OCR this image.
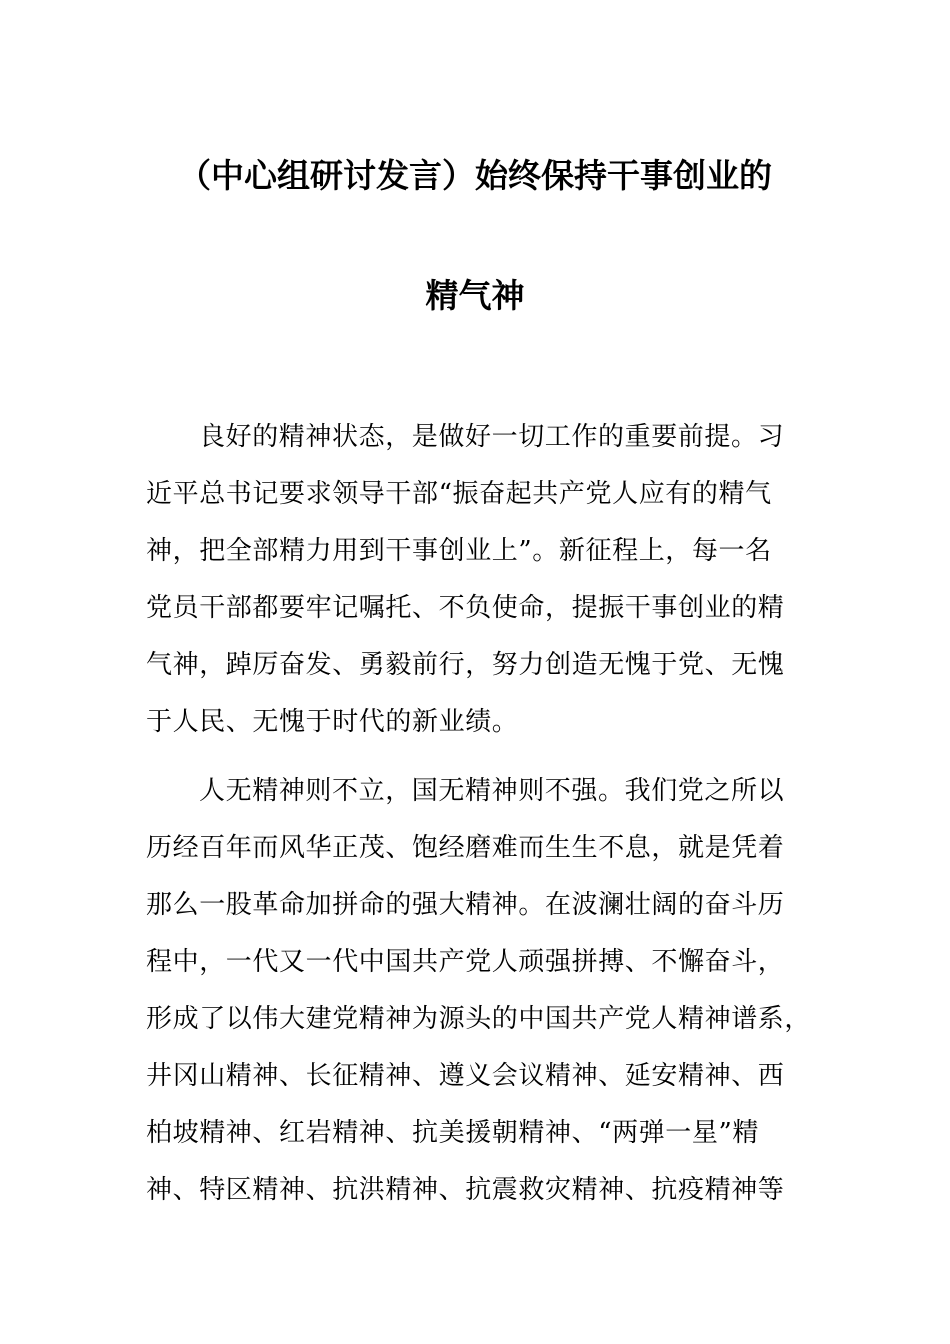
（中心组研讨发言）始终保持干事创业的
精气神
良好的精神状态，是做好一切工作的重要前提。习
近平总书记要求领导干部“振奋起共产党人应有的精气
神，把全部精力用到干事创业上”。新征程上，每一名
党员干部都要牢记嘱托、不负使命，提振干事创业的精
气神，踔厉奋发、勇毅前行，努力创造无愧于党、无愧
于人民、无愧于时代的新业绩。
人无精神则不立，国无精神则不强。我们党之所以
历经百年而风华正茂、饱经磨难而生生不息，就是凭着
那么一股革命加拼命的强大精神。在波澜壮阔的奋斗历
程中，一代又一代中国共产党人顽强拼搏、不懈奋斗，
形成了以伟大建党精神为源头的中国共产党人精神谱系，
井冈山精神、长征精神、遵义会议精神、延安精神、西
柏坡精神、红岩精神、抗美援朝精神、“两弹一星”精
神、特区精神、抗洪精神、抗震救灾精神、抗疫精神等
